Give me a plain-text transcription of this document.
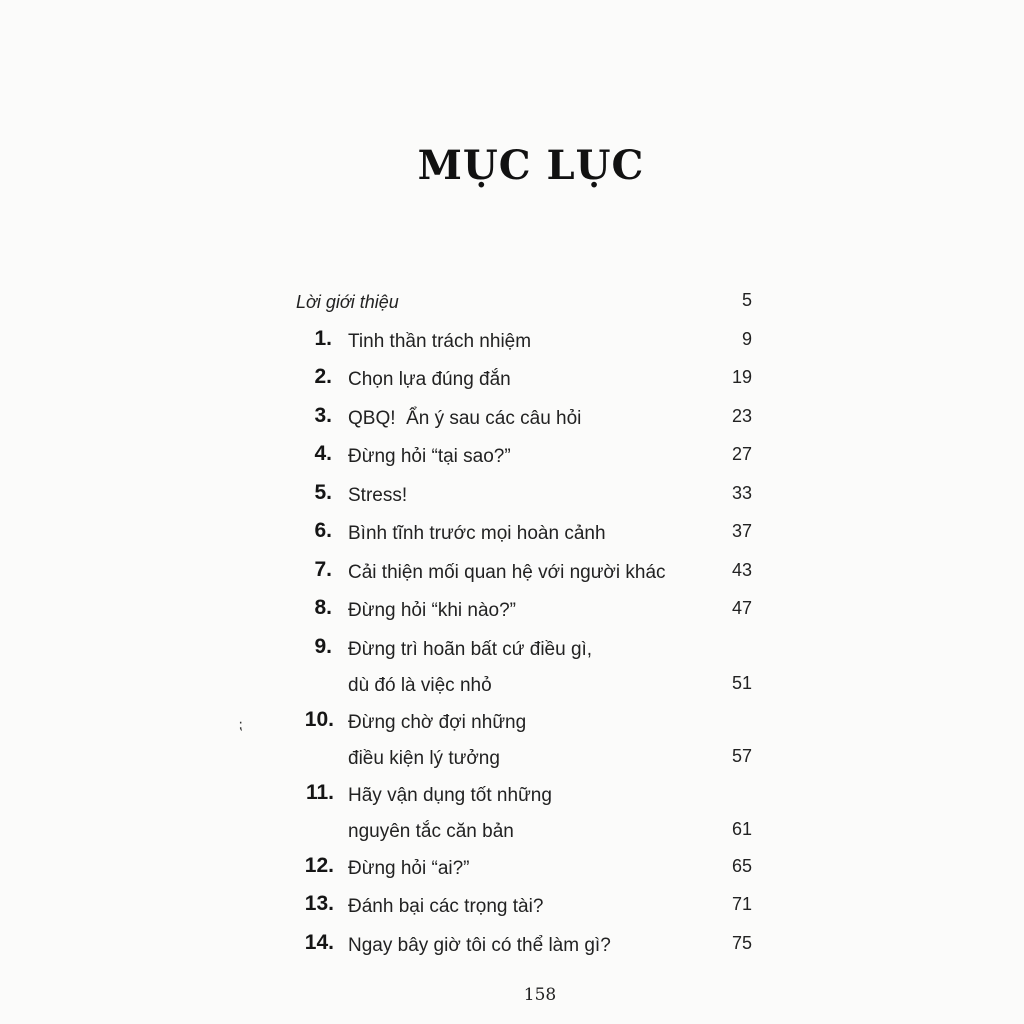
⁏
MỤC LỤC
Lời giới thiệu	5
1. Tinh thần trách nhiệm	9
2. Chọn lựa đúng đắn	19
3. QBQ!  Ẩn ý sau các câu hỏi	23
4. Đừng hỏi “tại sao?”	27
5. Stress!	33
6. Bình tĩnh trước mọi hoàn cảnh	37
7. Cải thiện mối quan hệ với người khác	43
8. Đừng hỏi “khi nào?”	47
9. Đừng trì hoãn bất cứ điều gì,
dù đó là việc nhỏ	51
10. Đừng chờ đợi những
điều kiện lý tưởng	57
11. Hãy vận dụng tốt những
nguyên tắc căn bản	61
12. Đừng hỏi “ai?”	65
13. Đánh bại các trọng tài?	71
14. Ngay bây giờ tôi có thể làm gì?	75
158
